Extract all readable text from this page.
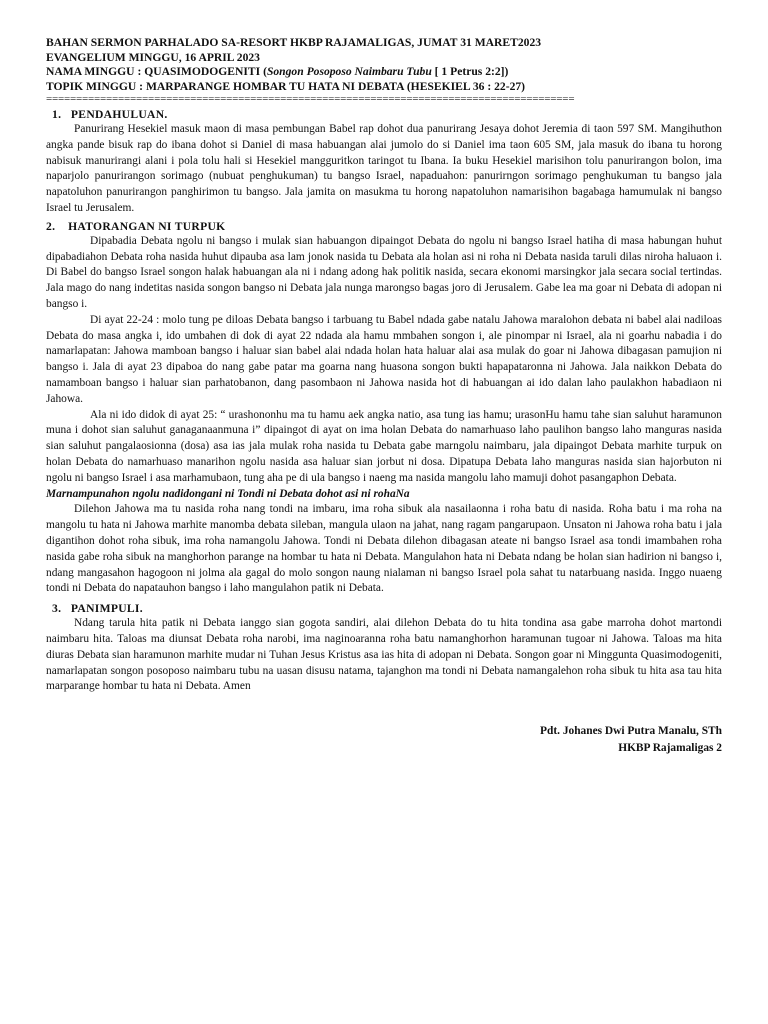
BAHAN SERMON PARHALADO SA-RESORT HKBP RAJAMALIGAS, JUMAT 31 MARET2023
EVANGELIUM MINGGU, 16 APRIL 2023
NAMA MINGGU : QUASIMODOGENITI (Songon Posoposo Naimbaru Tubu [ 1 Petrus 2:2])
TOPIK MINGGU : MARPARANGE HOMBAR TU HATA NI DEBATA (HESEKIEL 36 : 22-27)
========================================================================================
1. PENDAHULUAN.

Panurirang Hesekiel masuk maon di masa pembungan Babel rap dohot dua panurirang Jesaya dohot Jeremia di taon 597 SM. Mangihuthon angka pande bisuk rap do ibana dohot si Daniel di masa habuangan alai jumolo do si Daniel ima taon 605 SM, jala masuk do ibana tu horong nabisuk manurirangi alani i pola tolu hali si Hesekiel mangguritkon taringot tu Ibana. Ia buku Hesekiel marisihon tolu panurirangon bolon, ima naparjolo panurirangon sorimago (nubuat penghukuman) tu bangso Israel, napaduahon: panurirngon sorimago penghukuman tu bangso jala napatoluhon panurirangon panghirimon tu bangso. Jala jamita on masukma tu horong napatoluhon namarisihon bagabaga hamumulak ni bangso Israel tu Jerusalem.

2. HATORANGAN NI TURPUK

Dipabadia Debata ngolu ni bangso i mulak sian habuangon dipaingot Debata do ngolu ni bangso Israel hatiha di masa habungan huhut dipabadiahon Debata roha nasida huhut dipauba asa lam jonok nasida tu Debata ala holan asi ni roha ni Debata nasida taruli dilas niroha haluaon i. Di Babel do bangso Israel songon halak habuangan ala ni i ndang adong hak politik nasida, secara ekonomi marsingkor jala secara social tertindas. Jala mago do nang indetitas nasida songon bangso ni Debata jala nunga marongso bagas joro di Jerusalem. Gabe lea ma goar ni Debata di adopan ni bangso i.

Di ayat 22-24 : molo tung pe diloas Debata bangso i tarbuang tu Babel ndada gabe natalu Jahowa maralohon debata ni babel alai nadiloas Debata do masa angka i, ido umbahen di dok di ayat 22 ndada ala hamu mmbahen songon i, ale pinompar ni Israel, ala ni goarhu nabadia i do namarlapatan: Jahowa mamboan bangso i haluar sian babel alai ndada holan hata haluar alai asa mulak do goar ni Jahowa dibagasan pamujion ni bangso i. Jala di ayat 23 dipaboa do nang gabe patar ma goarna nang huasona songon bukti hapapataronna ni Jahowa. Jala naikkon Debata do namamboan bangso i haluar sian parhatobanon, dang pasombaon ni Jahowa nasida hot di habuangan ai ido dalan laho paulakhon habadiaon ni Jahowa.

Ala ni ido didok di ayat 25: “ urashononhu ma tu hamu aek angka natio, asa tung ias hamu; urasonHu hamu tahe sian saluhut haramunon muna i dohot sian saluhut ganaganaanmuna i” dipaingot di ayat on ima holan Debata do namarhuaso laho paulihon bangso laho manguras nasida sian saluhut pangalaosionna (dosa) asa ias jala mulak roha nasida tu Debata gabe marngolu naimbaru, jala dipaingot Debata marhite turpuk on holan Debata do namarhuaso manarihon ngolu nasida asa haluar sian jorbut ni dosa. Dipatupa Debata laho manguras nasida sian hajorbuton ni ngolu ni bangso Israel i asa marhamubaon, tung aha pe di ula bangso i naeng ma nasida mangolu laho mamuji dohot pasangaphon Debata.

Marnampunahon ngolu nadidongani ni Tondi ni Debata dohot asi ni rohaNa

Dilehon Jahowa ma tu nasida roha nang tondi na imbaru, ima roha sibuk ala nasailaonna i roha batu di nasida. Roha batu i ma roha na mangolu tu hata ni Jahowa marhite manomba debata sileban, mangula ulaon na jahat, nang ragam pangarupaon. Unsaton ni Jahowa roha batu i jala digantihon dohot roha sibuk, ima roha namangolu Jahowa. Tondi ni Debata dilehon dibagasan ateate ni bangso Israel asa tondi imambahen roha nasida gabe roha sibuk na manghorhon parange na hombar tu hata ni Debata. Mangulahon hata ni Debata ndang be holan sian hadirion ni bangso i, ndang mangasahon hagogoon ni jolma ala gagal do molo songon naung nialaman ni bangso Israel pola sahat tu natarbuang nasida. Inggo nuaeng tondi ni Debata do napatauhon bangso i laho mangulahon patik ni Debata.

3. PANIMPULI.

Ndang tarula hita patik ni Debata ianggo sian gogota sandiri, alai dilehon Debata do tu hita tondina asa gabe marroha dohot martondi naimbaru hita. Taloas ma diunsat Debata roha narobi, ima naginoaranna roha batu namanghorhon haramunan tugoar ni Jahowa. Taloas ma hita diuras Debata sian haramunon marhite mudar ni Tuhan Jesus Kristus asa ias hita di adopan ni Debata. Songon goar ni Mingguntа Quasimodogeniti, namarlapatan songon posoposo naimbaru tubu na uasan disusu natama, tajanghon ma tondi ni Debata namangalehon roha sibuk tu hita asa tau hita marparange hombar tu hata ni Debata. Amen

Pdt. Johanes Dwi Putra Manalu, STh
HKBP Rajamaligas 2
